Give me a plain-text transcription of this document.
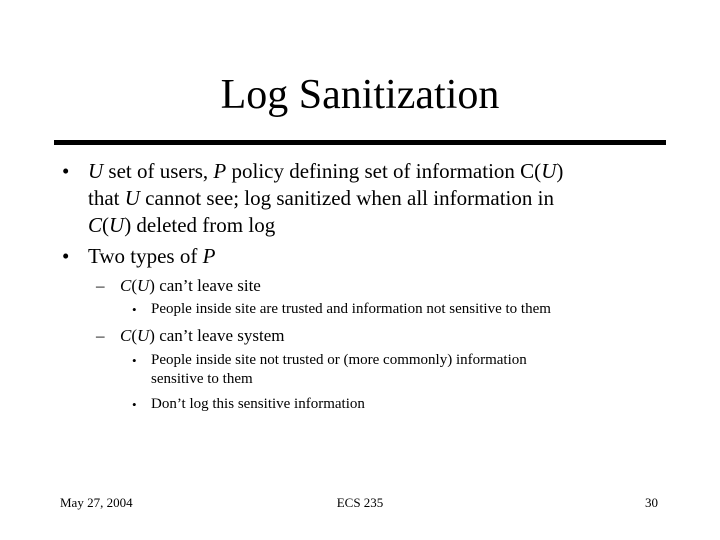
Log Sanitization
• U set of users, P policy defining set of information C(U)
that U cannot see; log sanitized when all information in
C(U) deleted from log
• Two types of P
– C(U) can’t leave site
• People inside site are trusted and information not sensitive to them
– C(U) can’t leave system
• People inside site not trusted or (more commonly) information
sensitive to them
• Don’t log this sensitive information
May 27, 2004	ECS 235	30
